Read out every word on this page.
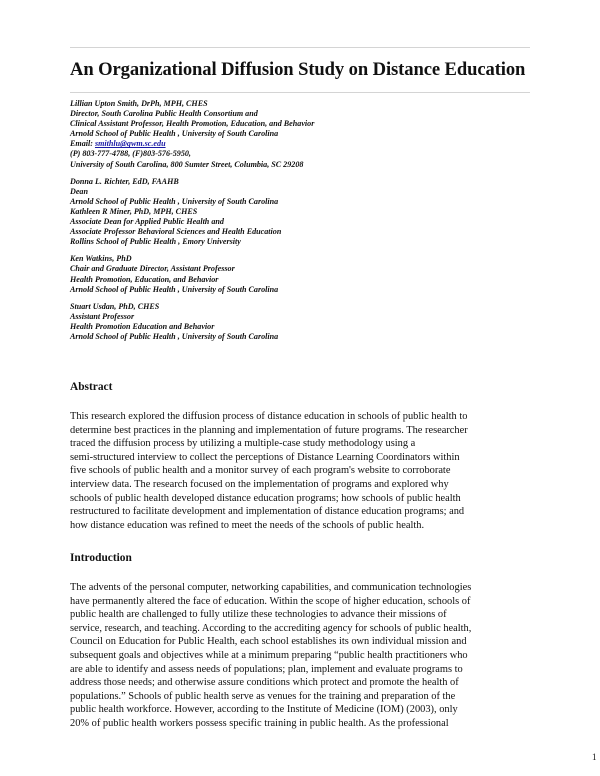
An Organizational Diffusion Study on Distance Education
Lillian Upton Smith, DrPh, MPH, CHES
Director, South Carolina Public Health Consortium and
Clinical Assistant Professor, Health Promotion, Education, and Behavior
Arnold School of Public Health , University of South Carolina
Email: smithlu@gwm.sc.edu
(P) 803-777-4788, (F)803-576-5950,
University of South Carolina, 800 Sumter Street, Columbia, SC 29208
Donna L. Richter, EdD, FAAHB
Dean
Arnold School of Public Health , University of South Carolina
Kathleen R Miner, PhD, MPH, CHES
Associate Dean for Applied Public Health and
Associate Professor Behavioral Sciences and Health Education
Rollins School of Public Health , Emory University
Ken Watkins, PhD
Chair and Graduate Director, Assistant Professor
Health Promotion, Education, and Behavior
Arnold School of Public Health , University of South Carolina
Stuart Usdan, PhD, CHES
Assistant Professor
Health Promotion Education and Behavior
Arnold School of Public Health , University of South Carolina
Abstract

This research explored the diffusion process of distance education in schools of public health to
determine best practices in the planning and implementation of future programs. The researcher
traced the diffusion process by utilizing a multiple-case study methodology using a
semi-structured interview to collect the perceptions of Distance Learning Coordinators within
five schools of public health and a monitor survey of each program's website to corroborate
interview data. The research focused on the implementation of programs and explored why
schools of public health developed distance education programs; how schools of public health
restructured to facilitate development and implementation of distance education programs; and
how distance education was refined to meet the needs of the schools of public health.

Introduction

The advents of the personal computer, networking capabilities, and communication technologies
have permanently altered the face of education. Within the scope of higher education, schools of
public health are challenged to fully utilize these technologies to advance their missions of
service, research, and teaching. According to the accrediting agency for schools of public health,
Council on Education for Public Health, each school establishes its own individual mission and
subsequent goals and objectives while at a minimum preparing “public health practitioners who
are able to identify and assess needs of populations; plan, implement and evaluate programs to
address those needs; and otherwise assure conditions which protect and promote the health of
populations.” Schools of public health serve as venues for the training and preparation of the
public health workforce. However, according to the Institute of Medicine (IOM) (2003), only
20% of public health workers possess specific training in public health. As the professional

1
